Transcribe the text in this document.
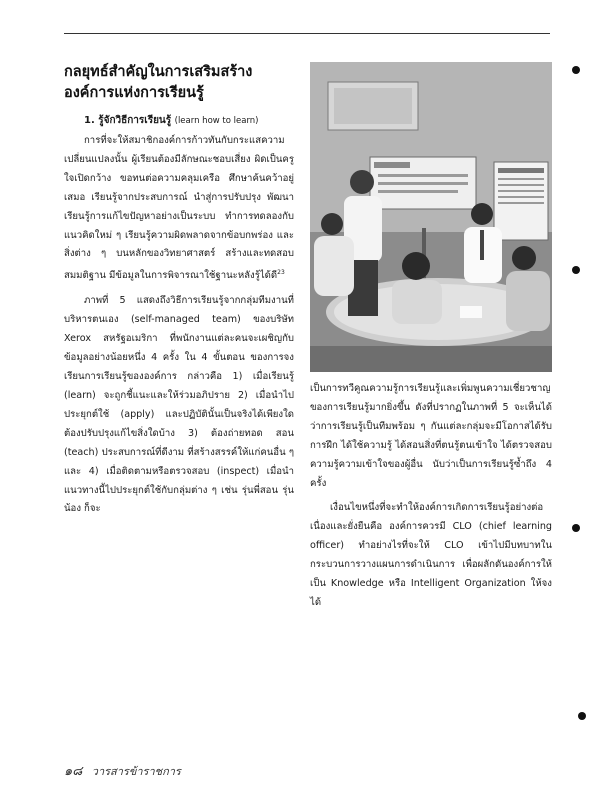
กลยุทธ์สำคัญในการเสริมสร้างองค์การแห่งการเรียนรู้
1. รู้จักวิธีการเรียนรู้ (learn how to learn)

การที่จะให้สมาชิกองค์การก้าวทันกับกระแสความเปลี่ยนแปลงนั้น ผู้เรียนต้องมีลักษณะชอบเสี่ยง ผิดเป็นครู ใจเปิดกว้าง ขอทนต่อความคลุมเครือ ศึกษาค้นคว้าอยู่เสมอ เรียนรู้จากประสบการณ์ นำสู่การปรับปรุง พัฒนา เรียนรู้การแก้ไขปัญหาอย่างเป็นระบบ ทำการทดลองกับแนวคิดใหม่ ๆ เรียนรู้ความผิดพลาดจากข้อบกพร่อง และสิ่งต่าง ๆ บนหลักของวิทยาศาสตร์ สร้างและทดสอบสมมติฐาน มีข้อมูลในการพิจารณาใช้ฐานะหลังรู้ได้ดี$^{23}$

ภาพที่ 5 แสดงถึงวิธีการเรียนรู้จากกลุ่มทีมงานที่บริหารตนเอง (self-managed team) ของบริษัท Xerox สหรัฐอเมริกา ที่พนักงานแต่ละคนจะเผชิญกับข้อมูลอย่างน้อยหนึ่ง 4 ครั้ง ใน 4 ขั้นตอน ของการจงเรียนการเรียนรู้ขององค์การ กล่าวคือ 1) เมื่อเรียนรู้ (learn) จะถูกชี้แนะและให้ร่วมอภิปราย 2) เมื่อนำไปประยุกต์ใช้ (apply) และปฏิบัตินั้นเป็นจริงได้เพียงใด ต้องปรับปรุงแก้ไขสิ่งใดบ้าง 3) ต้องถ่ายทอด สอน (teach) ประสบการณ์ที่ดีงาม ที่สร้างสรรค์ให้แก่คนอื่น ๆ และ 4) เมื่อติดตามหรือตรวจสอบ (inspect) เมื่อนำแนวทางนี้ไปประยุกต์ใช้กับกลุ่มต่าง ๆ เช่น รุ่นพี่สอน รุ่นน้อง ก็จะ

เป็นการทวีคูณความรู้การเรียนรู้และเพิ่มพูนความเชี่ยวชาญของการเรียนรู้มากยิ่งขึ้น ดังที่ปรากฏในภาพที่ 5 จะเห็นได้ว่าการเรียนรู้เป็นทีมพร้อม ๆ กันแต่ละกลุ่มจะมีโอกาสได้รับการฝึก ได้ใช้ความรู้ ได้สอนสิ่งที่ตนรู้ตนเข้าใจ ได้ตรวจสอบ ความรู้ความเข้าใจของผู้อื่น นับว่าเป็นการเรียนรู้ซ้ำถึง 4 ครั้ง

เงื่อนไขหนึ่งที่จะทำให้องค์การเกิดการเรียนรู้อย่างต่อเนื่องและยั่งยืนคือ องค์การควรมี CLO (chief learning officer) ทำอย่างไรที่จะให้ CLO เข้าไปมีบทบาทในกระบวนการวางแผนการดำเนินการ เพื่อผลักดันองค์การให้เป็น Knowledge หรือ Intelligent Organization ให้จงได้

๑๘ วารสารข้าราชการ
